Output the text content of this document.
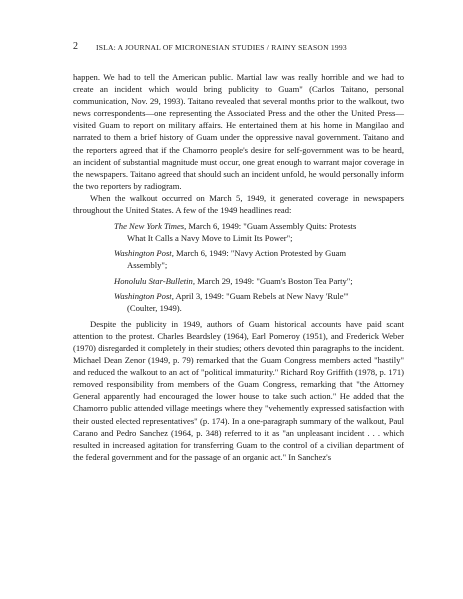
2 ISLA: A JOURNAL OF MICRONESIAN STUDIES / RAINY SEASON 1993

happen. We had to tell the American public. Martial law was really horrible and we had to create an incident which would bring publicity to Guam" (Carlos Taitano, personal communication, Nov. 29, 1993). Taitano revealed that several months prior to the walkout, two news correspondents—one representing the Associated Press and the other the United Press—visited Guam to report on military affairs. He entertained them at his home in Mangilao and narrated to them a brief history of Guam under the oppressive naval government. Taitano and the reporters agreed that if the Chamorro people's desire for self-government was to be heard, an incident of substantial magnitude must occur, one great enough to warrant major coverage in the newspapers. Taitano agreed that should such an incident unfold, he would personally inform the two reporters by radiogram.

When the walkout occurred on March 5, 1949, it generated coverage in newspapers throughout the United States. A few of the 1949 headlines read:

The New York Times, March 6, 1949: "Guam Assembly Quits: Protests What It Calls a Navy Move to Limit Its Power";
Washington Post, March 6, 1949: "Navy Action Protested by Guam Assembly";
Honolulu Star-Bulletin, March 29, 1949: "Guam's Boston Tea Party";
Washington Post, April 3, 1949: "Guam Rebels at New Navy 'Rule'" (Coulter, 1949).

Despite the publicity in 1949, authors of Guam historical accounts have paid scant attention to the protest. Charles Beardsley (1964), Earl Pomeroy (1951), and Frederick Weber (1970) disregarded it completely in their studies; others devoted thin paragraphs to the incident. Michael Dean Zenor (1949, p. 79) remarked that the Guam Congress members acted "hastily" and reduced the walkout to an act of "political immaturity." Richard Roy Griffith (1978, p. 171) removed responsibility from members of the Guam Congress, remarking that "the Attorney General apparently had encouraged the lower house to take such action." He added that the Chamorro public attended village meetings where they "vehemently expressed satisfaction with their ousted elected representatives" (p. 174). In a one-paragraph summary of the walkout, Paul Carano and Pedro Sanchez (1964, p. 348) referred to it as "an unpleasant incident . . . which resulted in increased agitation for transferring Guam to the control of a civilian department of the federal government and for the passage of an organic act." In Sanchez's
